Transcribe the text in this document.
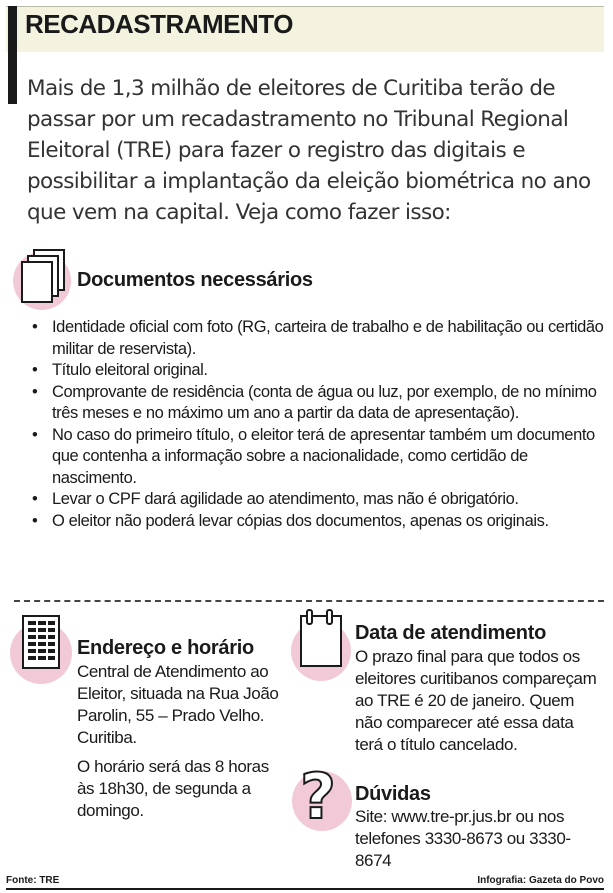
RECADASTRAMENTO
Mais de 1,3 milhão de eleitores de Curitiba terão de passar por um recadastramento no Tribunal Regional Eleitoral (TRE) para fazer o registro das digitais e possibilitar a implantação da eleição biométrica no ano que vem na capital. Veja como fazer isso:
Documentos necessários
• Identidade oficial com foto (RG, carteira de trabalho e de habilitação ou certidão militar de reservista).
• Título eleitoral original.
• Comprovante de residência (conta de água ou luz, por exemplo, de no mínimo três meses e no máximo um ano a partir da data de apresentação).
• No caso do primeiro título, o eleitor terá de apresentar também um documento que contenha a informação sobre a nacionalidade, como certidão de nascimento.
• Levar o CPF dará agilidade ao atendimento, mas não é obrigatório.
• O eleitor não poderá levar cópias dos documentos, apenas os originais.
Endereço e horário
Central de Atendimento ao Eleitor, situada na Rua João Parolin, 55 – Prado Velho. Curitiba.
O horário será das 8 horas às 18h30, de segunda a domingo.
Data de atendimento
O prazo final para que todos os eleitores curitibanos compareçam ao TRE é 20 de janeiro. Quem não comparecer até essa data terá o título cancelado.
? Dúvidas
Site: www.tre-pr.jus.br ou nos telefones 3330-8673 ou 3330-8674
Fonte: TRE	Infografia: Gazeta do Povo
